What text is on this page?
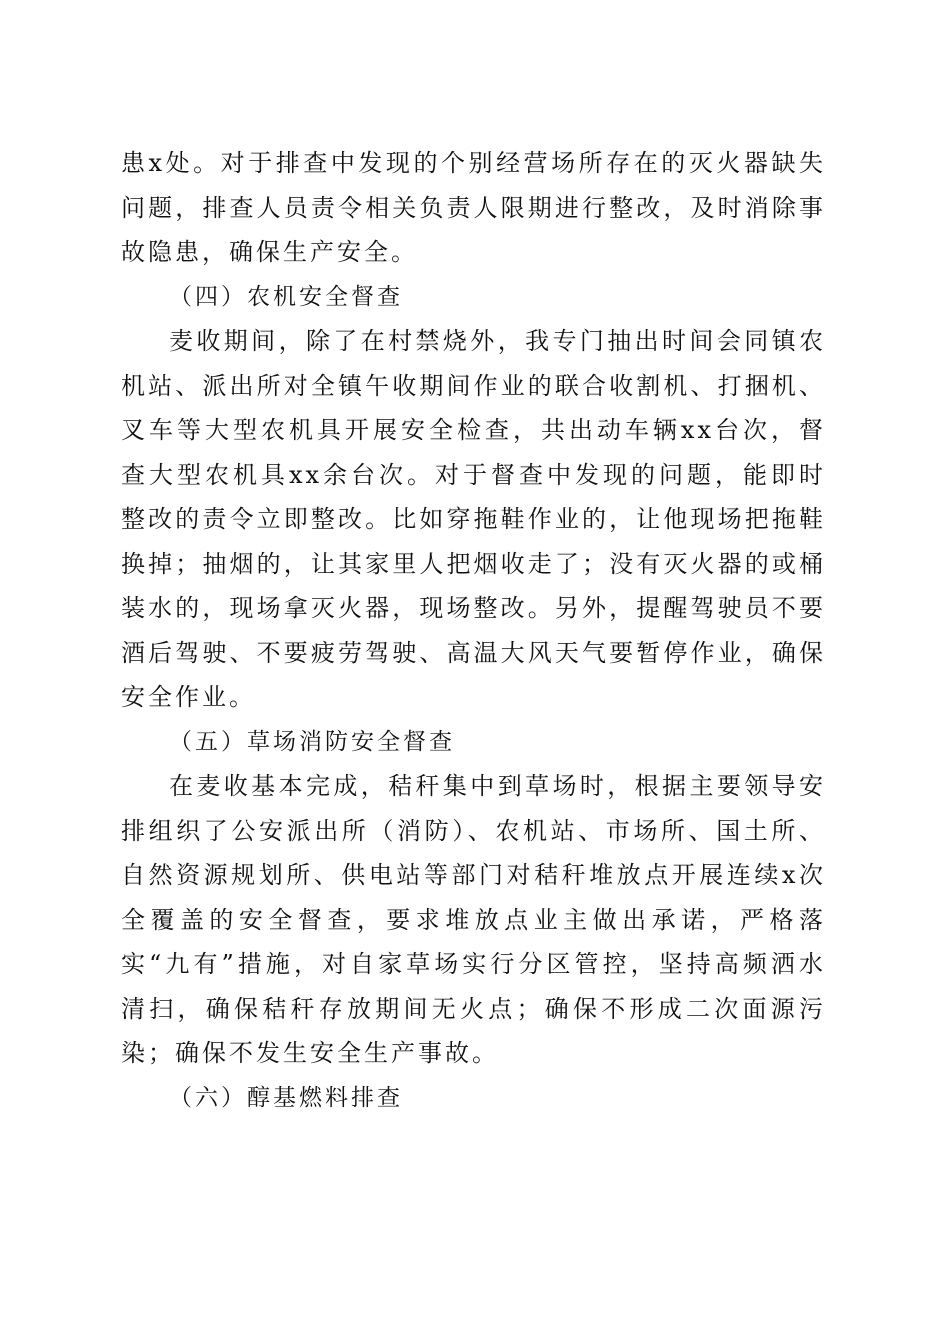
患x处。对于排查中发现的个别经营场所存在的灭火器缺失问题，排查人员责令相关负责人限期进行整改，及时消除事故隐患，确保生产安全。

（四）农机安全督查

麦收期间，除了在村禁烧外，我专门抽出时间会同镇农机站、派出所对全镇午收期间作业的联合收割机、打捆机、叉车等大型农机具开展安全检查，共出动车辆xx台次，督查大型农机具xx余台次。对于督查中发现的问题，能即时整改的责令立即整改。比如穿拖鞋作业的，让他现场把拖鞋换掉；抽烟的，让其家里人把烟收走了；没有灭火器的或桶装水的，现场拿灭火器，现场整改。另外，提醒驾驶员不要酒后驾驶、不要疲劳驾驶、高温大风天气要暂停作业，确保安全作业。

（五）草场消防安全督查

在麦收基本完成，秸秆集中到草场时，根据主要领导安排组织了公安派出所（消防）、农机站、市场所、国土所、自然资源规划所、供电站等部门对秸秆堆放点开展连续x次全覆盖的安全督查，要求堆放点业主做出承诺，严格落实“九有”措施，对自家草场实行分区管控，坚持高频洒水清扫，确保秸秆存放期间无火点；确保不形成二次面源污染；确保不发生安全生产事故。

（六）醇基燃料排查
